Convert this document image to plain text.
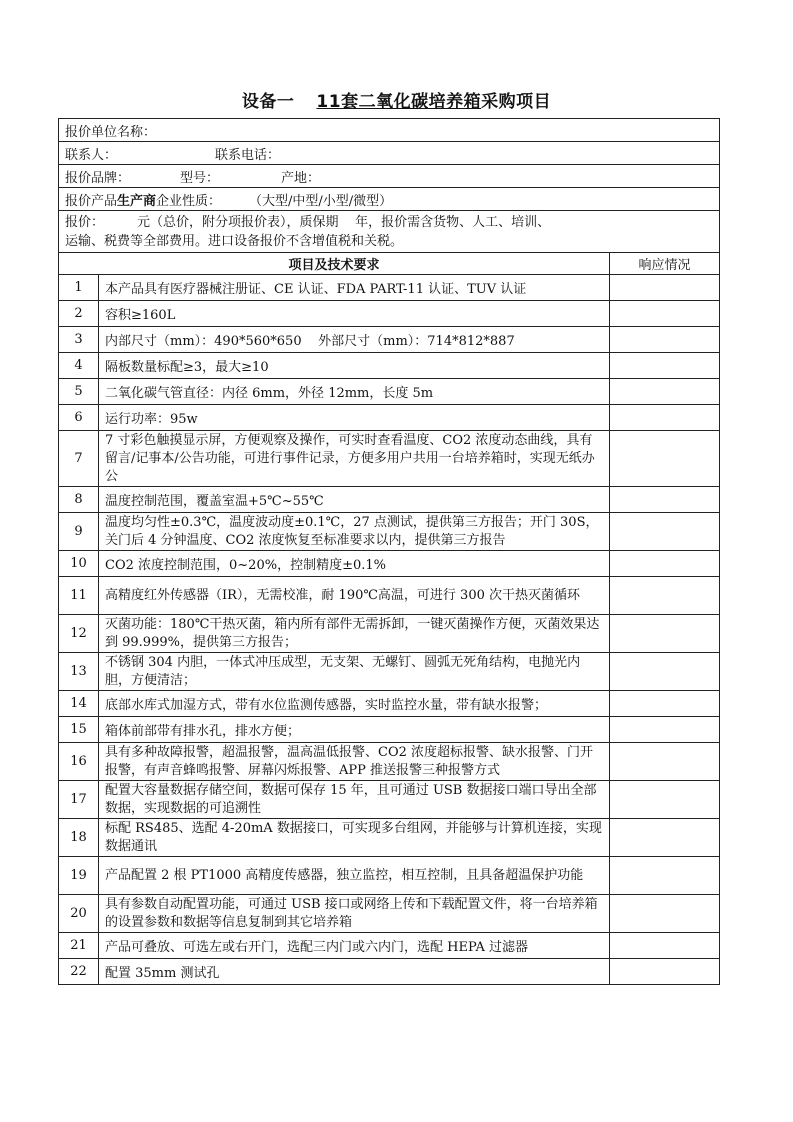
设备一 11套二氧化碳培养箱采购项目
报价单位名称：		
联系人： 联系电话：		
报价品牌： 型号： 产地：		
报价产品生产商企业性质： （大型/中型/小型/微型）		

报价：        元（总价，附分项报价表），质保期    年，报价需含货物、人工、培训、
运输、税费等全部费用。进口设备报价不含增值税和关税。		

项目及技术要求		响应情况
1	本产品具有医疗器械注册证、CE 认证、FDA PART-11 认证、TUV 认证	
2	容积≥160L	
3	内部尺寸（mm）：490*560*650    外部尺寸（mm）：714*812*887	
4	隔板数量标配≥3，最大≥10	
5	二氧化碳气管直径：内径 6mm，外径 12mm，长度 5m	
6	运行功率：95w	
7	7 寸彩色触摸显示屏，方便观察及操作，可实时查看温度、CO2 浓度动态曲线，具有留言/记事本/公告功能，可进行事件记录，方便多用户共用一台培养箱时，实现无纸办公	
8	温度控制范围，覆盖室温+5℃~55℃	
9	温度均匀性±0.3℃，温度波动度±0.1℃，27 点测试，提供第三方报告；开门 30S，关门后 4 分钟温度、CO2 浓度恢复至标准要求以内，提供第三方报告	
10	CO2 浓度控制范围，0~20%，控制精度±0.1%	
11	高精度红外传感器（IR），无需校准，耐 190℃高温，可进行 300 次干热灭菌循环	
12	灭菌功能：180℃干热灭菌，箱内所有部件无需拆卸，一键灭菌操作方便，灭菌效果达到 99.999%，提供第三方报告；	
13	不锈钢 304 内胆，一体式冲压成型，无支架、无螺钉、圆弧无死角结构，电抛光内胆，方便清洁；	
14	底部水库式加湿方式，带有水位监测传感器，实时监控水量，带有缺水报警；	
15	箱体前部带有排水孔，排水方便；	
16	具有多种故障报警，超温报警，温高温低报警、CO2 浓度超标报警、缺水报警、门开报警，有声音蜂鸣报警、屏幕闪烁报警、APP 推送报警三种报警方式	
17	配置大容量数据存储空间，数据可保存 15 年，且可通过 USB 数据接口端口导出全部数据，实现数据的可追溯性	
18	标配 RS485、选配 4-20mA 数据接口，可实现多台组网，并能够与计算机连接，实现数据通讯	
19	产品配置 2 根 PT1000 高精度传感器，独立监控，相互控制，且具备超温保护功能	
20	具有参数自动配置功能，可通过 USB 接口或网络上传和下载配置文件，将一台培养箱的设置参数和数据等信息复制到其它培养箱	
21	产品可叠放、可选左或右开门，选配三内门或六内门，选配 HEPA 过滤器	
22	配置 35mm 测试孔	
